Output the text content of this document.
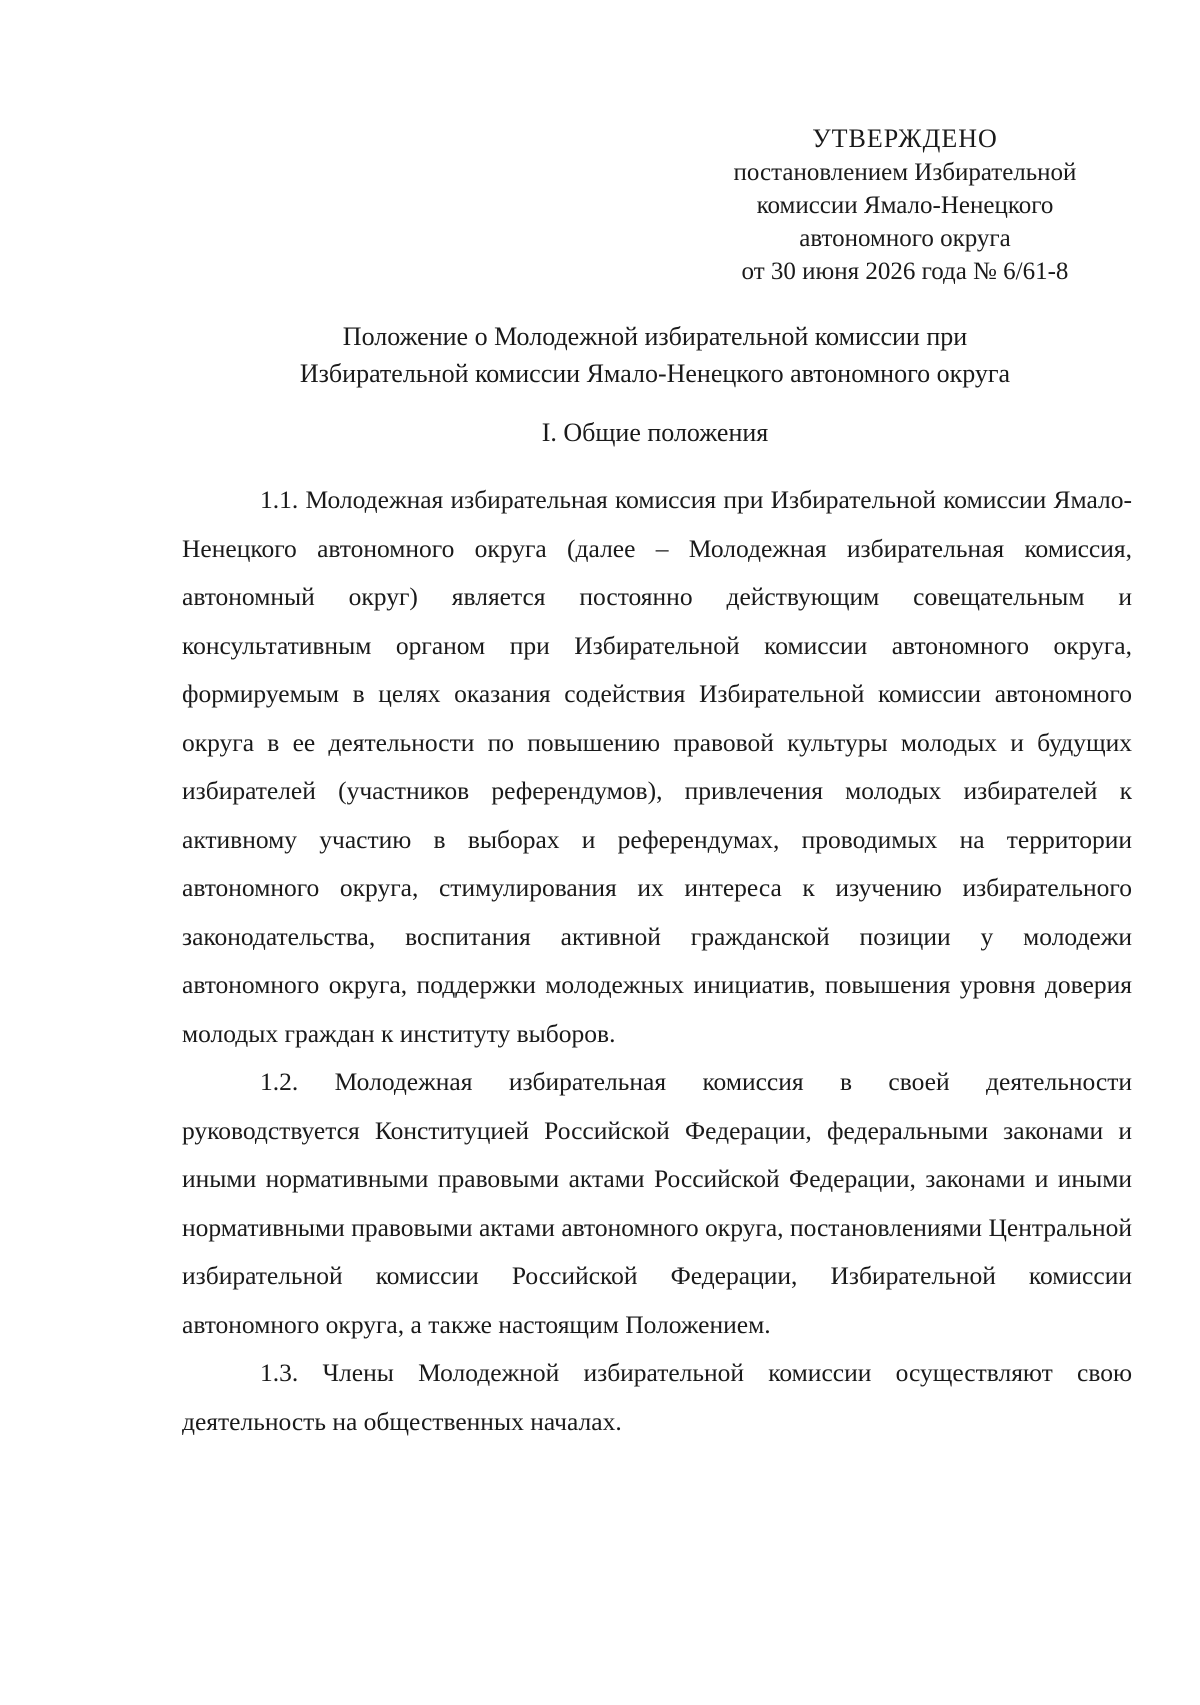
УТВЕРЖДЕНО
постановлением Избирательной
комиссии Ямало-Ненецкого
автономного округа
от 30 июня 2026 года № 6/61-8
Положение о Молодежной избирательной комиссии при
Избирательной комиссии Ямало-Ненецкого автономного округа
I. Общие положения

1.1. Молодежная избирательная комиссия при Избирательной комиссии Ямало-Ненецкого автономного округа (далее – Молодежная избирательная комиссия, автономный округ) является постоянно действующим совещательным и консультативным органом при Избирательной комиссии автономного округа, формируемым в целях оказания содействия Избирательной комиссии автономного округа в ее деятельности по повышению правовой культуры молодых и будущих избирателей (участников референдумов), привлечения молодых избирателей к активному участию в выборах и референдумах, проводимых на территории автономного округа, стимулирования их интереса к изучению избирательного законодательства, воспитания активной гражданской позиции у молодежи автономного округа, поддержки молодежных инициатив, повышения уровня доверия молодых граждан к институту выборов.

1.2. Молодежная избирательная комиссия в своей деятельности руководствуется Конституцией Российской Федерации, федеральными законами и иными нормативными правовыми актами Российской Федерации, законами и иными нормативными правовыми актами автономного округа, постановлениями Центральной избирательной комиссии Российской Федерации, Избирательной комиссии автономного округа, а также настоящим Положением.

1.3. Члены Молодежной избирательной комиссии осуществляют свою деятельность на общественных началах.
